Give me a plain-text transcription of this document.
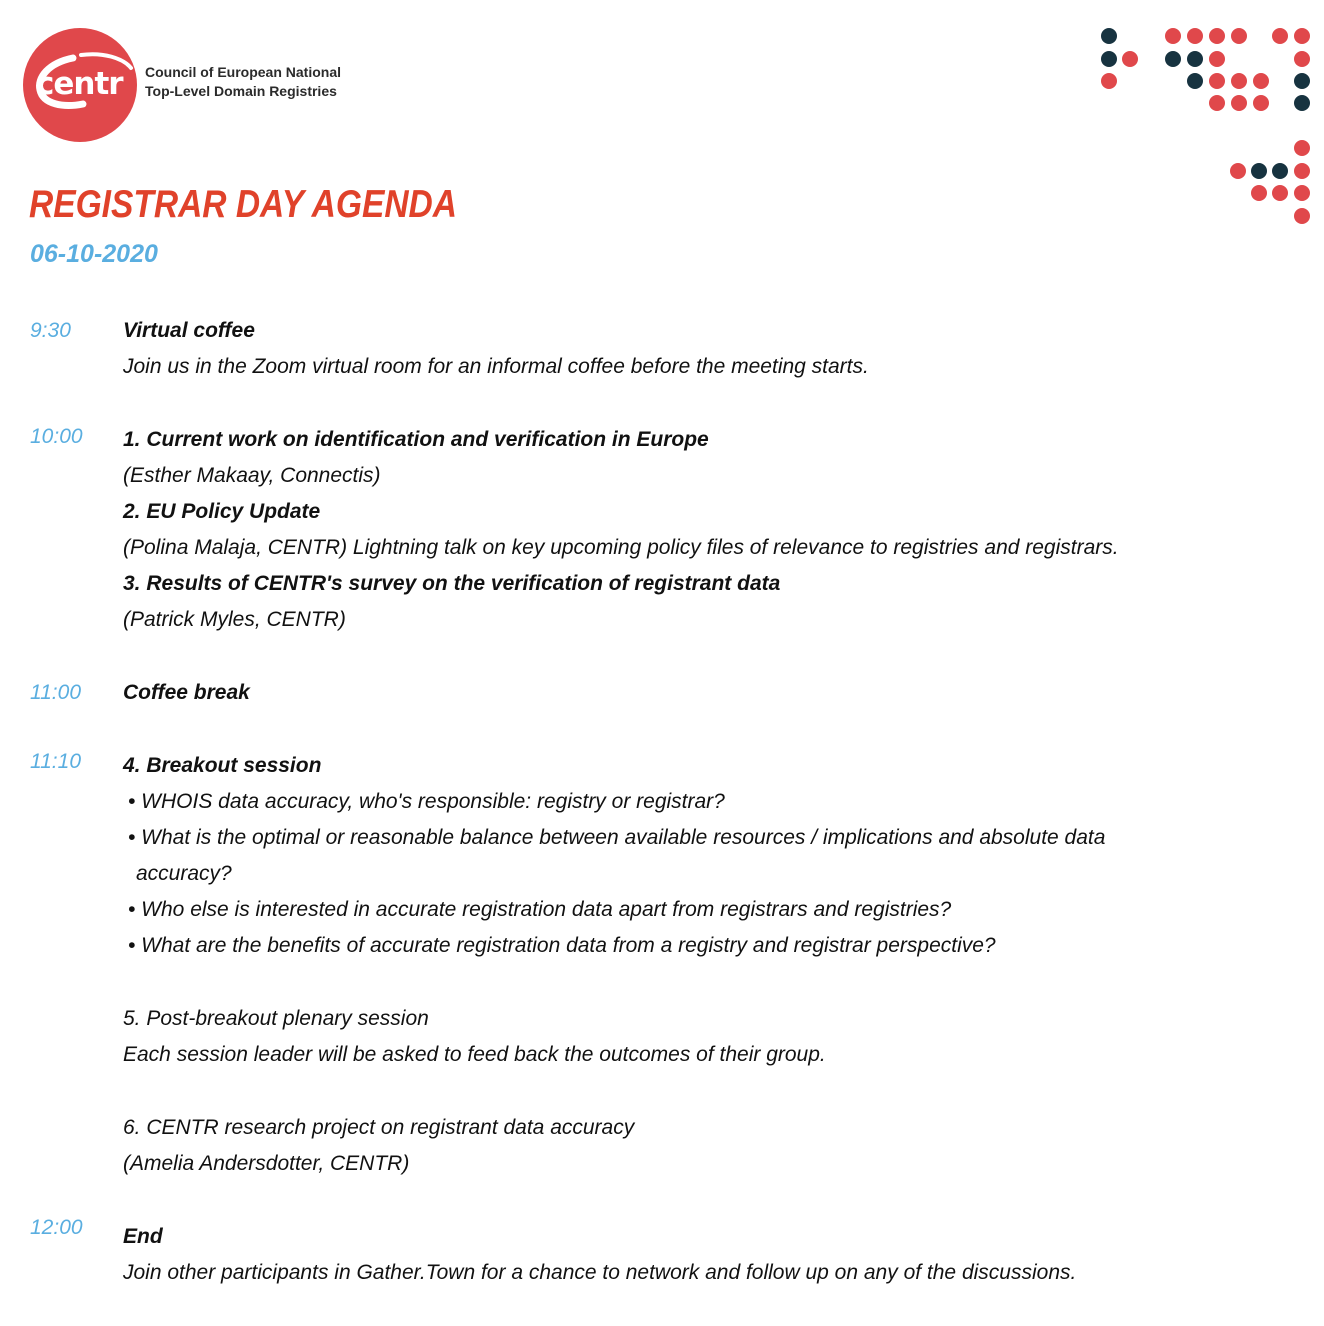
centr Council of European National
Top-Level Domain Registries
REGISTRAR DAY AGENDA
06-10-2020
9:30 Virtual coffee
Join us in the Zoom virtual room for an informal coffee before the meeting starts.
10:00 1. Current work on identification and verification in Europe
(Esther Makaay, Connectis)
2. EU Policy Update
(Polina Malaja, CENTR) Lightning talk on key upcoming policy files of relevance to registries and registrars.
3. Results of CENTR's survey on the verification of registrant data
(Patrick Myles, CENTR)
11:00 Coffee break
11:10 4. Breakout session
• WHOIS data accuracy, who's responsible: registry or registrar?
• What is the optimal or reasonable balance between available resources / implications and absolute data
accuracy?
• Who else is interested in accurate registration data apart from registrars and registries?
• What are the benefits of accurate registration data from a registry and registrar perspective?
5. Post-breakout plenary session
Each session leader will be asked to feed back the outcomes of their group.
6. CENTR research project on registrant data accuracy
(Amelia Andersdotter, CENTR)
12:00 End
Join other participants in Gather.Town for a chance to network and follow up on any of the discussions.
